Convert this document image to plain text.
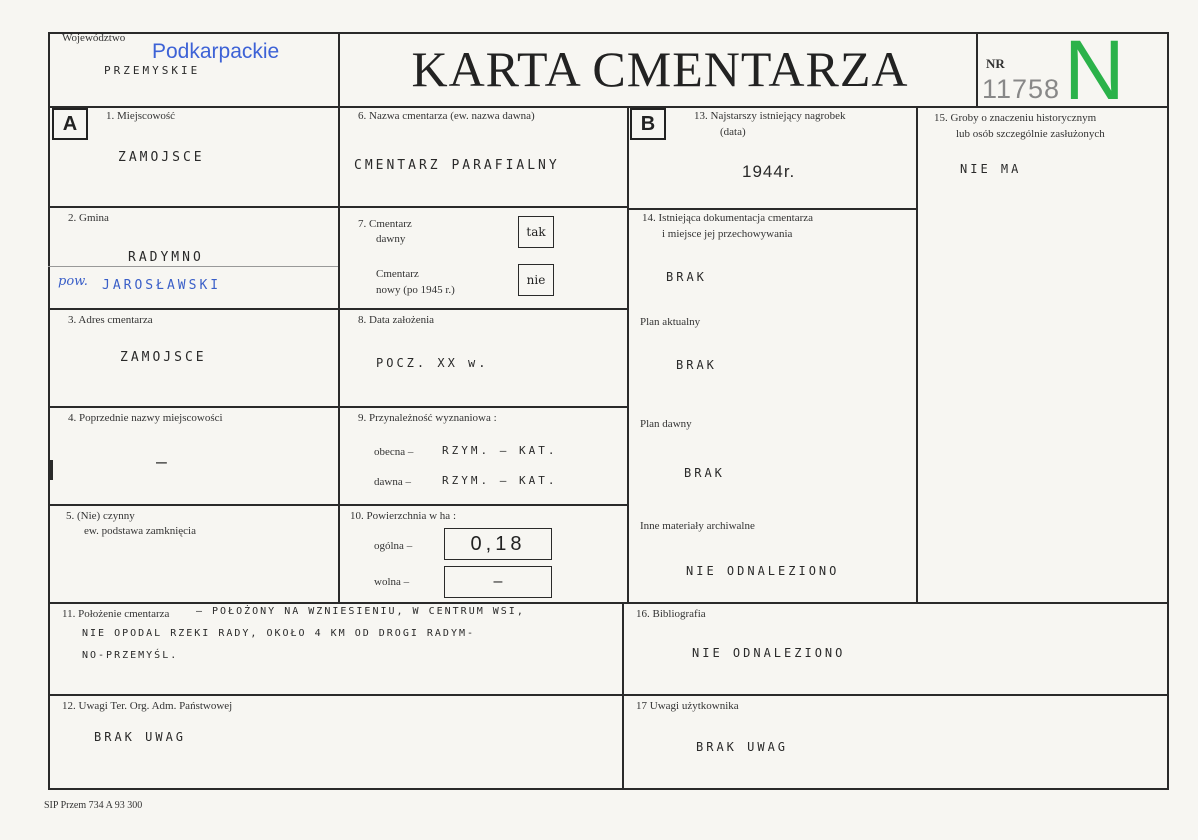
Województwo
Podkarpackie
PRZEMYSKIE	KARTA CMENTARZA	NR
11758 N
A	B
1. Miejscowość
ZAMOJSCE
2. Gmina
RADYMNO
pow. JAROSŁAWSKI
3. Adres cmentarza
ZAMOJSCE
4. Poprzednie nazwy miejscowości
—
5. (Nie) czynny
ew. podstawa zamknięcia
6. Nazwa cmentarza (ew. nazwa dawna)
CMENTARZ PARAFIALNY
7. Cmentarz
dawny	tak
Cmentarz
nowy (po 1945 r.)
nie
8. Data założenia
POCZ. XX w.
9. Przynależność wyznaniowa :
obecna –	RZYM. – KAT.
dawna –	RZYM. – KAT.
10. Powierzchnia w ha :
ogólna –	0,18
wolna –	–
13. Najstarszy istniejący nagrobek
(data)
1944r.
14. Istniejąca dokumentacja cmentarza
i miejsce jej przechowywania
BRAK
Plan aktualny
BRAK
Plan dawny
BRAK
Inne materiały archiwalne
NIE ODNALEZIONO
15. Groby o znaczeniu historycznym
lub osób szczególnie zasłużonych
NIE MA
11. Położenie cmentarza	– POŁOŻONY NA WZNIESIENIU, W CENTRUM WSI,
NIE OPODAL RZEKI RADY, OKOŁO 4 KM OD DROGI RADYM-
NO-PRZEMYŚL.
16. Bibliografia
NIE ODNALEZIONO
12. Uwagi Ter. Org. Adm. Państwowej
BRAK UWAG
17 Uwagi użytkownika
BRAK UWAG
SIP Przem 734 A 93 300
